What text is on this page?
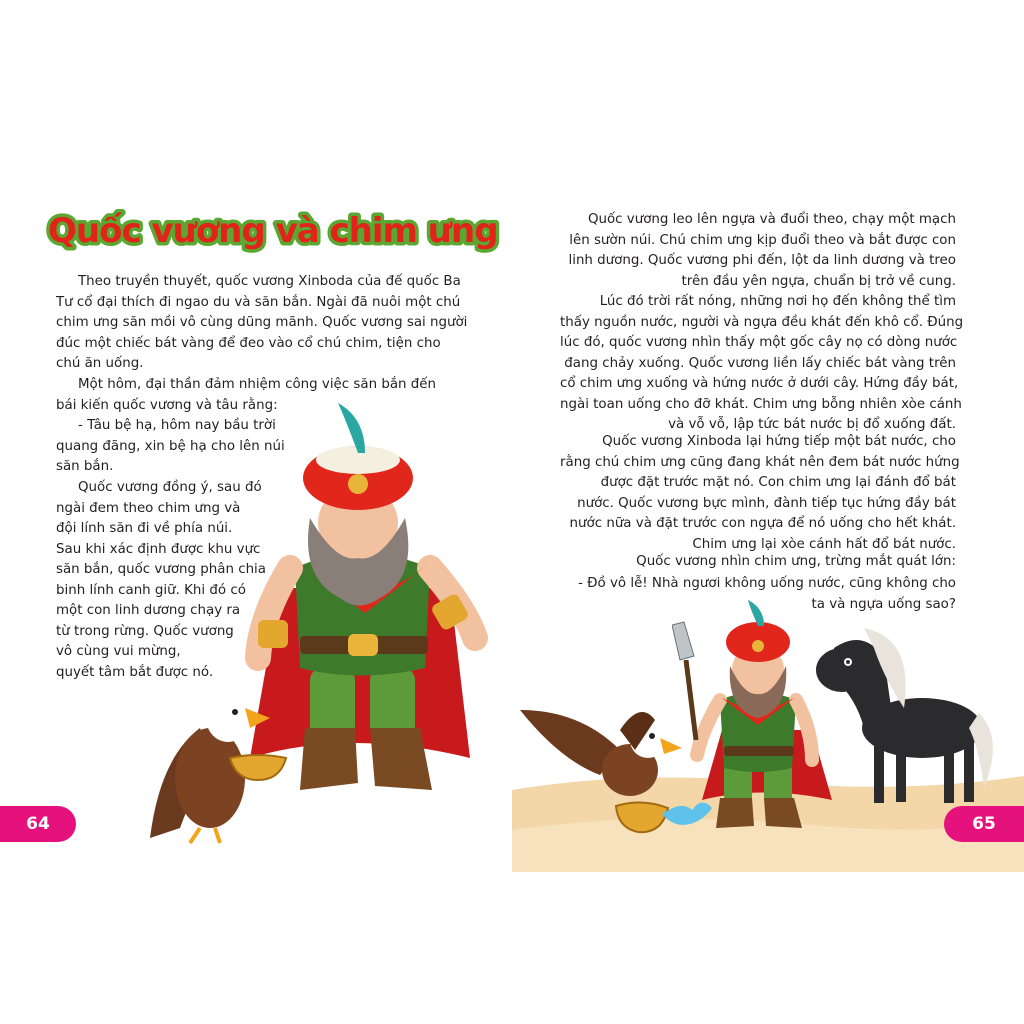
Quốc vương và chim ưng
Theo truyền thuyết, quốc vương Xinboda của đế quốc Ba
Tư cổ đại thích đi ngao du và săn bắn. Ngài đã nuôi một chú
chim ưng săn mồi vô cùng dũng mãnh. Quốc vương sai người
đúc một chiếc bát vàng để đeo vào cổ chú chim, tiện cho
chú ăn uống.
Một hôm, đại thần đảm nhiệm công việc săn bắn đến
bái kiến quốc vương và tâu rằng:
- Tâu bệ hạ, hôm nay bầu trời
quang đãng, xin bệ hạ cho lên núi
săn bắn.
Quốc vương đồng ý, sau đó
ngài đem theo chim ưng và
đội lính săn đi về phía núi.
Sau khi xác định được khu vực
săn bắn, quốc vương phân chia
binh lính canh giữ. Khi đó có
một con linh dương chạy ra
từ trong rừng. Quốc vương
vô cùng vui mừng,
quyết tâm bắt được nó.
64
Quốc vương leo lên ngựa và đuổi theo, chạy một mạch
lên sườn núi. Chú chim ưng kịp đuổi theo và bắt được con
linh dương. Quốc vương phi đến, lột da linh dương và treo
trên đầu yên ngựa, chuẩn bị trở về cung.
Lúc đó trời rất nóng, những nơi họ đến không thể tìm
thấy nguồn nước, người và ngựa đều khát đến khô cổ. Đúng
lúc đó, quốc vương nhìn thấy một gốc cây nọ có dòng nước
đang chảy xuống. Quốc vương liền lấy chiếc bát vàng trên
cổ chim ưng xuống và hứng nước ở dưới cây. Hứng đầy bát,
ngài toan uống cho đỡ khát. Chim ưng bỗng nhiên xòe cánh
và vỗ vỗ, lập tức bát nước bị đổ xuống đất.
Quốc vương Xinboda lại hứng tiếp một bát nước, cho
rằng chú chim ưng cũng đang khát nên đem bát nước hứng
được đặt trước mặt nó. Con chim ưng lại đánh đổ bát
nước. Quốc vương bực mình, đành tiếp tục hứng đầy bát
nước nữa và đặt trước con ngựa để nó uống cho hết khát.
Chim ưng lại xòe cánh hất đổ bát nước.
Quốc vương nhìn chim ưng, trừng mắt quát lớn:
- Đồ vô lễ! Nhà ngươi không uống nước, cũng không cho
ta và ngựa uống sao?
65
